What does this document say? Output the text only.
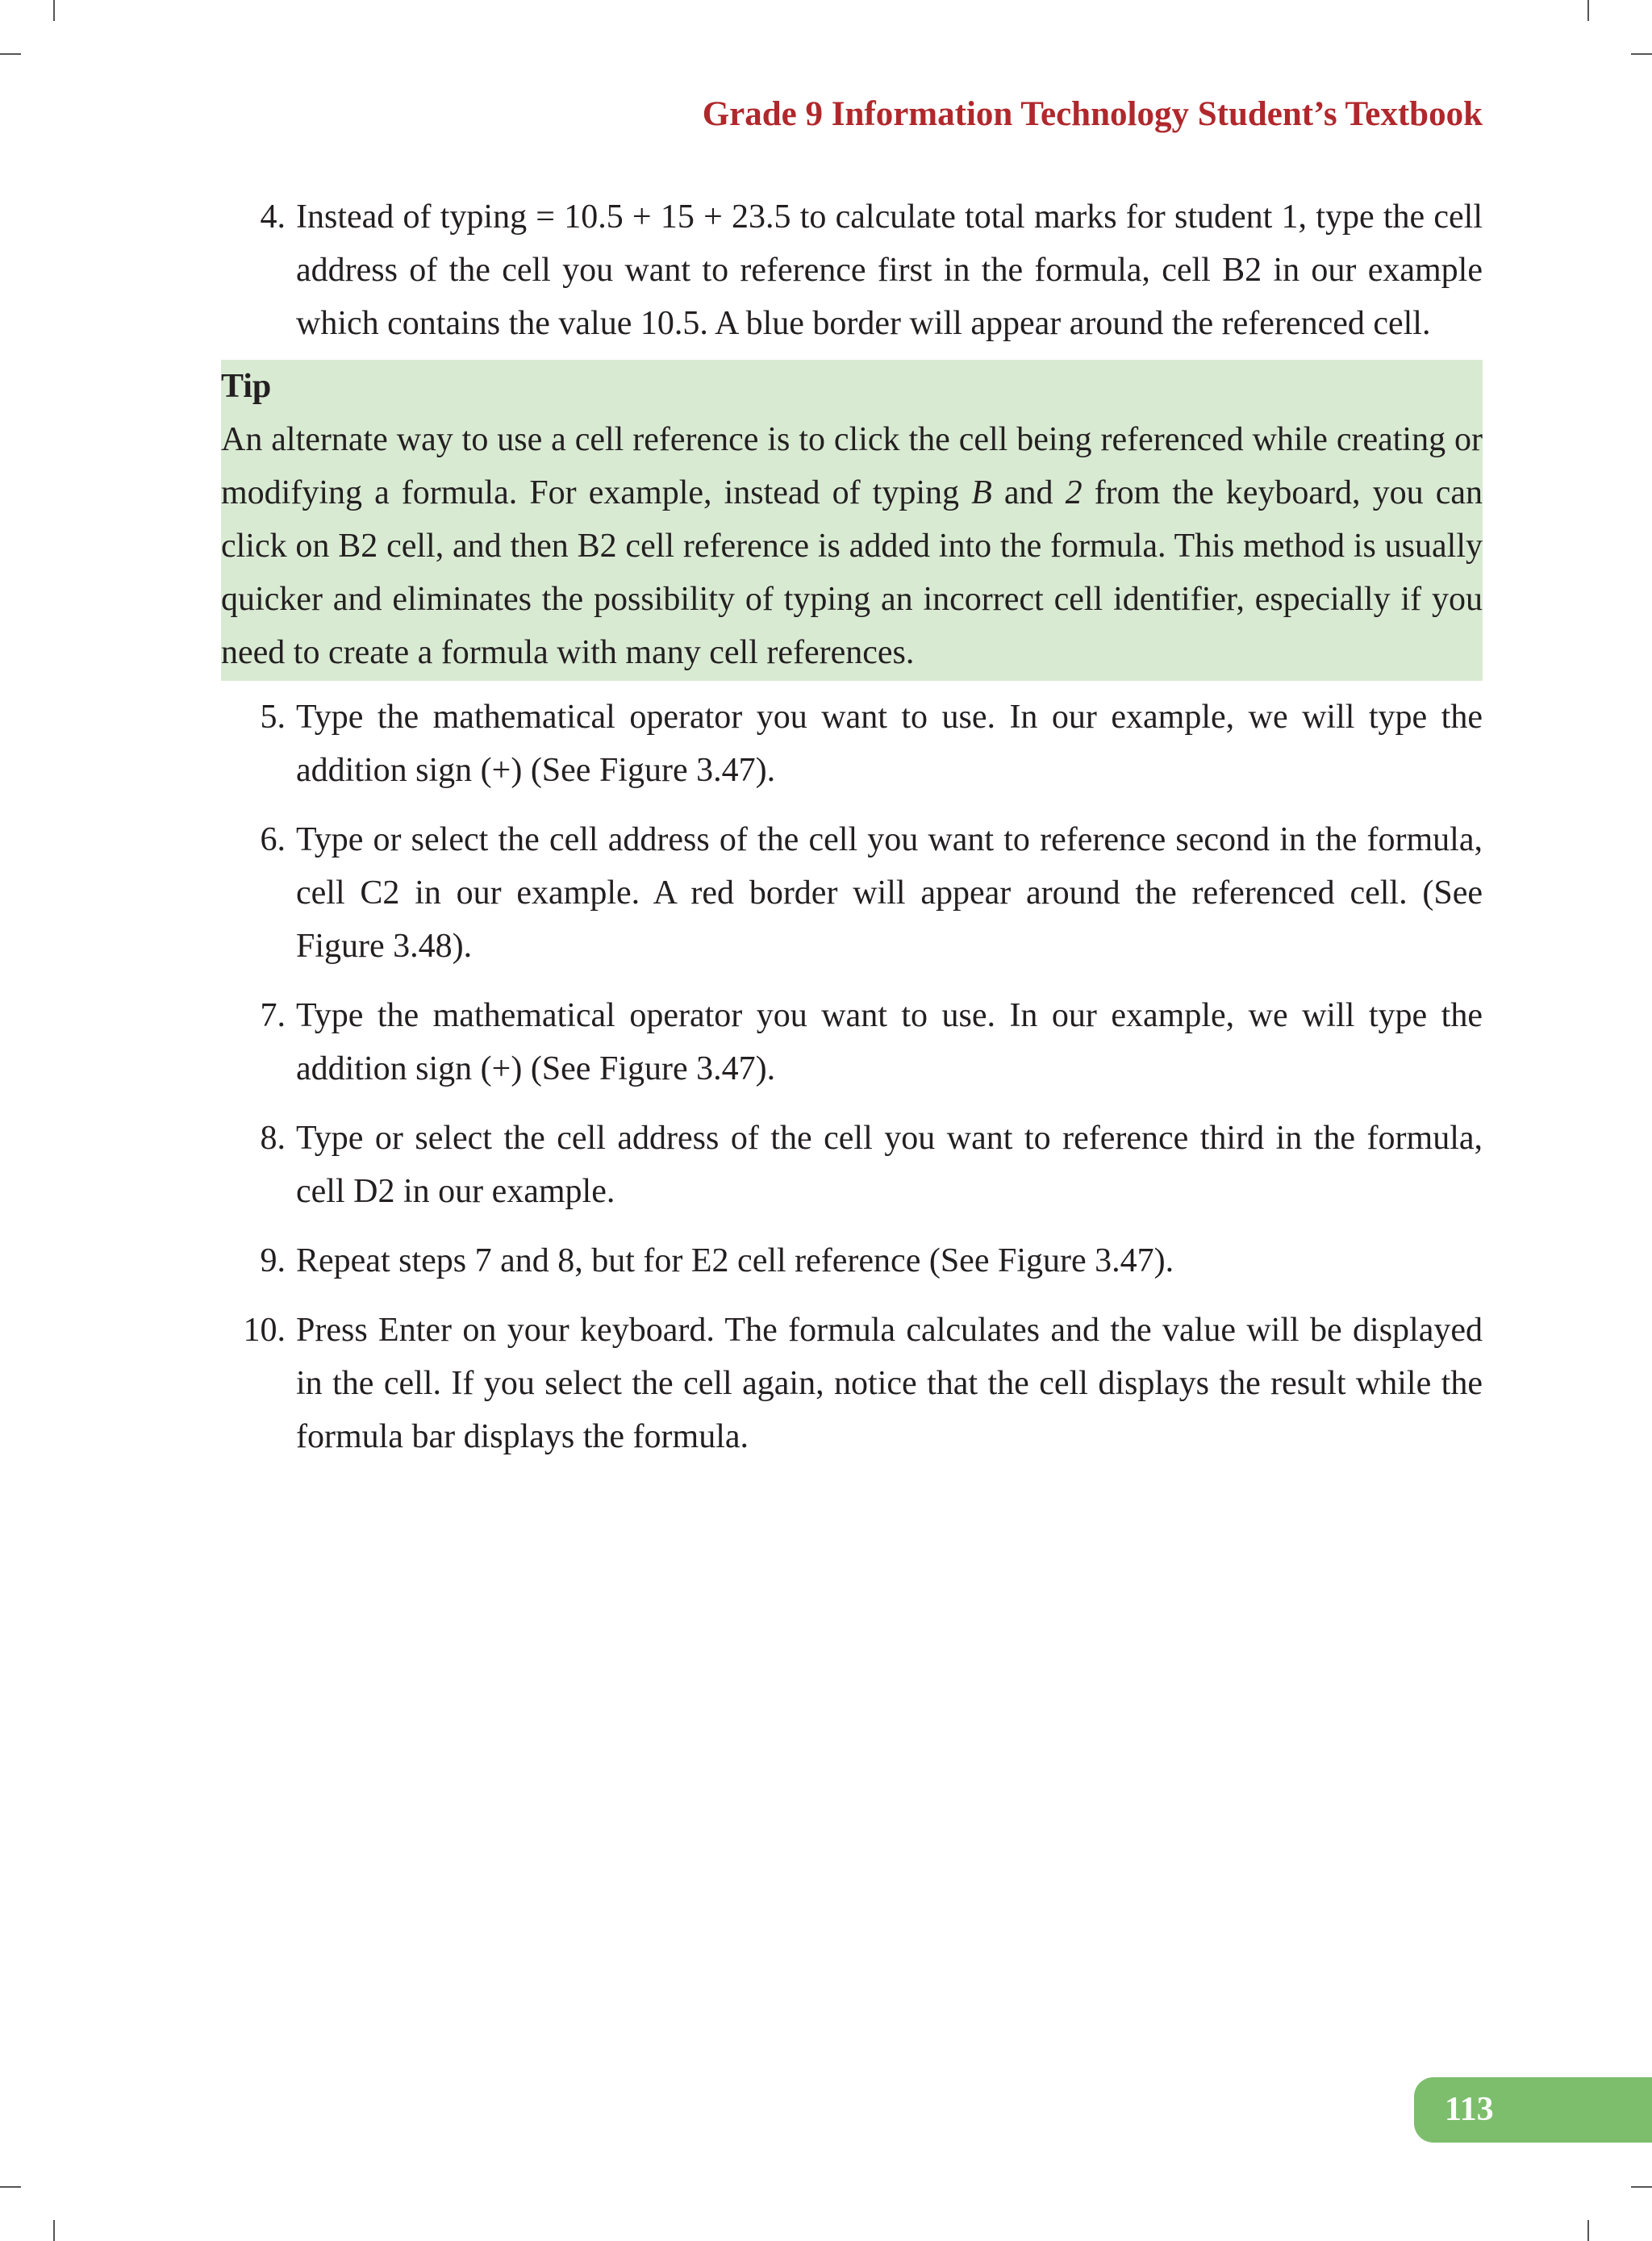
Grade 9 Information Technology Student’s Textbook
4. Instead of typing = 10.5 + 15 + 23.5 to calculate total marks for student 1, type the cell address of the cell you want to reference first in the formula, cell B2 in our example which contains the value 10.5. A blue border will appear around the referenced cell.
Tip
An alternate way to use a cell reference is to click the cell being referenced while creating or modifying a formula. For example, instead of typing B and 2 from the keyboard, you can click on B2 cell, and then B2 cell reference is added into the formula. This method is usually quicker and eliminates the possibility of typing an incorrect cell identifier, especially if you need to create a formula with many cell references.
5. Type the mathematical operator you want to use. In our example, we will type the addition sign (+) (See Figure 3.47).
6. Type or select the cell address of the cell you want to reference second in the formula, cell C2 in our example. A red border will appear around the referenced cell. (See Figure 3.48).
7. Type the mathematical operator you want to use. In our example, we will type the addition sign (+) (See Figure 3.47).
8. Type or select the cell address of the cell you want to reference third in the formula, cell D2 in our example.
9. Repeat steps 7 and 8, but for E2 cell reference (See Figure 3.47).
10. Press Enter on your keyboard. The formula calculates and the value will be displayed in the cell. If you select the cell again, notice that the cell displays the result while the formula bar displays the formula.
113
